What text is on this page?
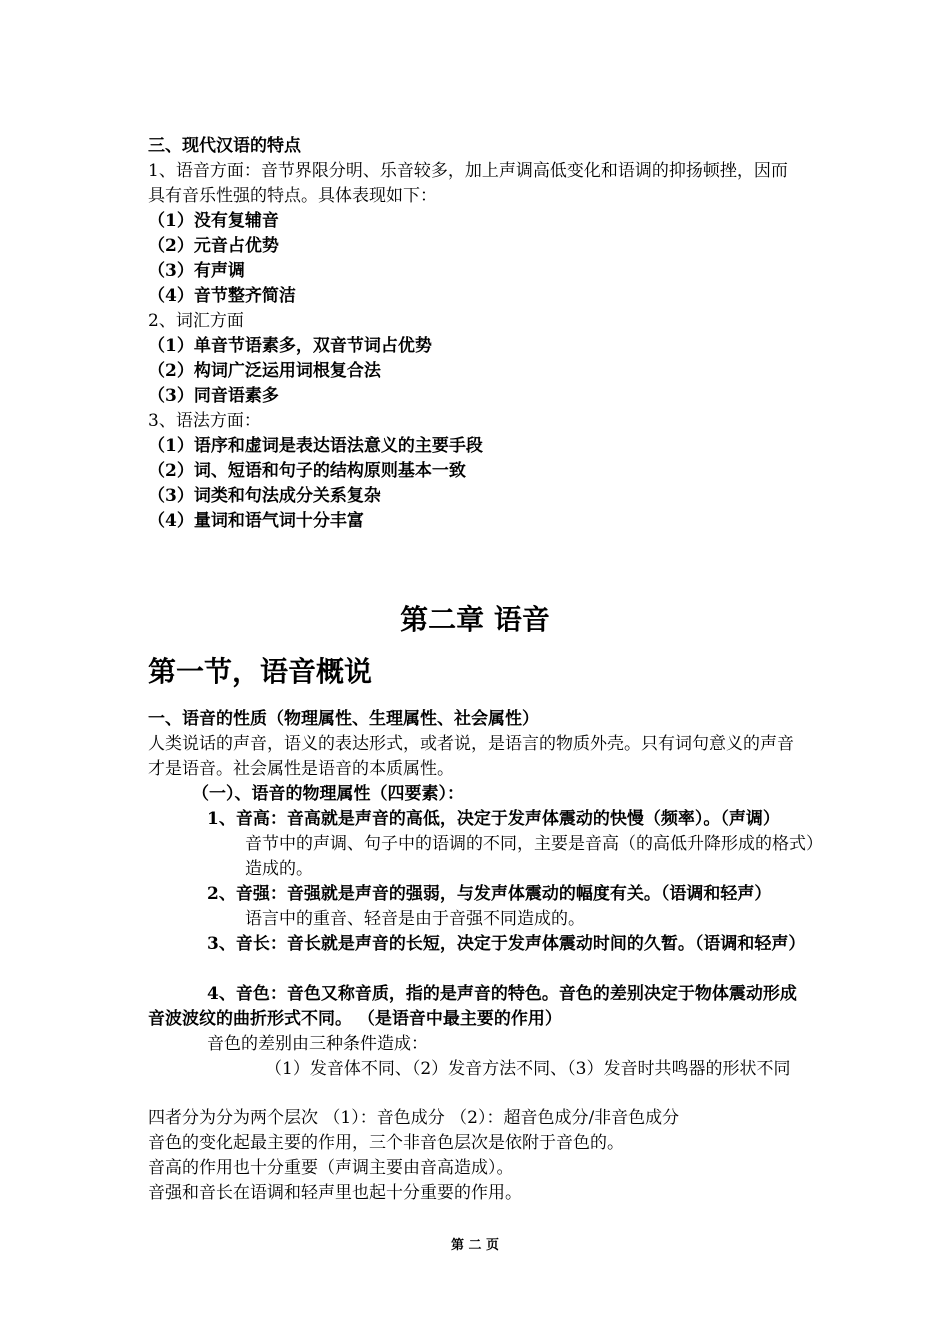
三、现代汉语的特点
1、语音方面：音节界限分明、乐音较多，加上声调高低变化和语调的抑扬顿挫，因而
具有音乐性强的特点。具体表现如下：
（1）没有复辅音
（2）元音占优势
（3）有声调
（4）音节整齐简洁
2、词汇方面
（1）单音节语素多，双音节词占优势
（2）构词广泛运用词根复合法
（3）同音语素多
3、语法方面：
（1）语序和虚词是表达语法意义的主要手段
（2）词、短语和句子的结构原则基本一致
（3）词类和句法成分关系复杂
（4）量词和语气词十分丰富
第二章 语音
第一节，语音概说
一、语音的性质（物理属性、生理属性、社会属性）
人类说话的声音，语义的表达形式，或者说，是语言的物质外壳。只有词句意义的声音
才是语音。社会属性是语音的本质属性。
（一）、语音的物理属性（四要素）：
1、音高：音高就是声音的高低，决定于发声体震动的快慢（频率）。（声调）
音节中的声调、句子中的语调的不同，主要是音高（的高低升降形成的格式）
造成的。
2、音强：音强就是声音的强弱，与发声体震动的幅度有关。（语调和轻声）
语言中的重音、轻音是由于音强不同造成的。
3、音长：音长就是声音的长短，决定于发声体震动时间的久暂。（语调和轻声）
4、音色：音色又称音质，指的是声音的特色。音色的差别决定于物体震动形成
音波波纹的曲折形式不同。 （是语音中最主要的作用）
音色的差别由三种条件造成：
（1）发音体不同、（2）发音方法不同、（3）发音时共鸣器的形状不同
四者分为分为两个层次 （1）：音色成分 （2）：超音色成分/非音色成分
音色的变化起最主要的作用，三个非音色层次是依附于音色的。
音高的作用也十分重要（声调主要由音高造成）。
音强和音长在语调和轻声里也起十分重要的作用。
第 二 页
